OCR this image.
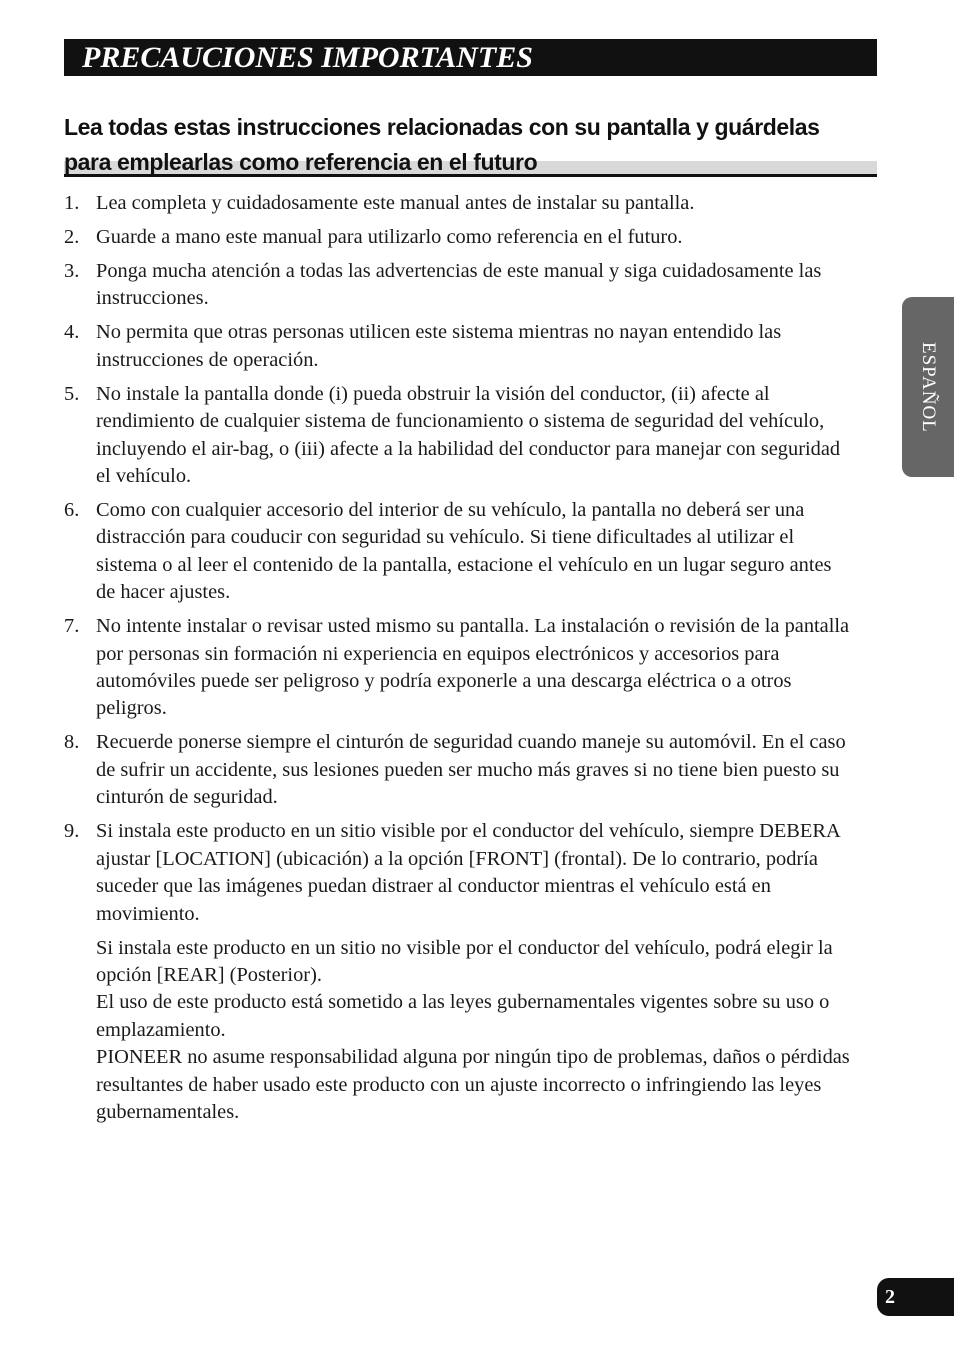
PRECAUCIONES IMPORTANTES
Lea todas estas instrucciones relacionadas con su pantalla y guárdelas
para emplearlas como referencia en el futuro
1. Lea completa y cuidadosamente este manual antes de instalar su pantalla.
2. Guarde a mano este manual para utilizarlo como referencia en el futuro.
3. Ponga mucha atención a todas las advertencias de este manual y siga cuidadosamente las instrucciones.
4. No permita que otras personas utilicen este sistema mientras no nayan entendido las instrucciones de operación.
5. No instale la pantalla donde (i) pueda obstruir la visión del conductor, (ii) afecte al rendimiento de cualquier sistema de funcionamiento o sistema de seguridad del vehículo, incluyendo el air-bag, o (iii) afecte a la habilidad del conductor para manejar con seguridad el vehículo.
6. Como con cualquier accesorio del interior de su vehículo, la pantalla no deberá ser una distracción para couducir con seguridad su vehículo. Si tiene dificultades al utilizar el sistema o al leer el contenido de la pantalla, estacione el vehículo en un lugar seguro antes de hacer ajustes.
7. No intente instalar o revisar usted mismo su pantalla. La instalación o revisión de la pantalla por personas sin formación ni experiencia en equipos electrónicos y accesorios para automóviles puede ser peligroso y podría exponerle a una descarga eléctrica o a otros peligros.
8. Recuerde ponerse siempre el cinturón de seguridad cuando maneje su automóvil. En el caso de sufrir un accidente, sus lesiones pueden ser mucho más graves si no tiene bien puesto su cinturón de seguridad.
9. Si instala este producto en un sitio visible por el conductor del vehículo, siempre DEBERA ajustar [LOCATION] (ubicación) a la opción [FRONT] (frontal). De lo contrario, podría suceder que las imágenes puedan distraer al conductor mientras el vehículo está en movimiento.

Si instala este producto en un sitio no visible por el conductor del vehículo, podrá elegir la opción [REAR] (Posterior).

El uso de este producto está sometido a las leyes gubernamentales vigentes sobre su uso o emplazamiento.

PIONEER no asume responsabilidad alguna por ningún tipo de problemas, daños o pérdidas resultantes de haber usado este producto con un ajuste incorrecto o infringiendo las leyes gubernamentales.

ESPAÑOL
2
